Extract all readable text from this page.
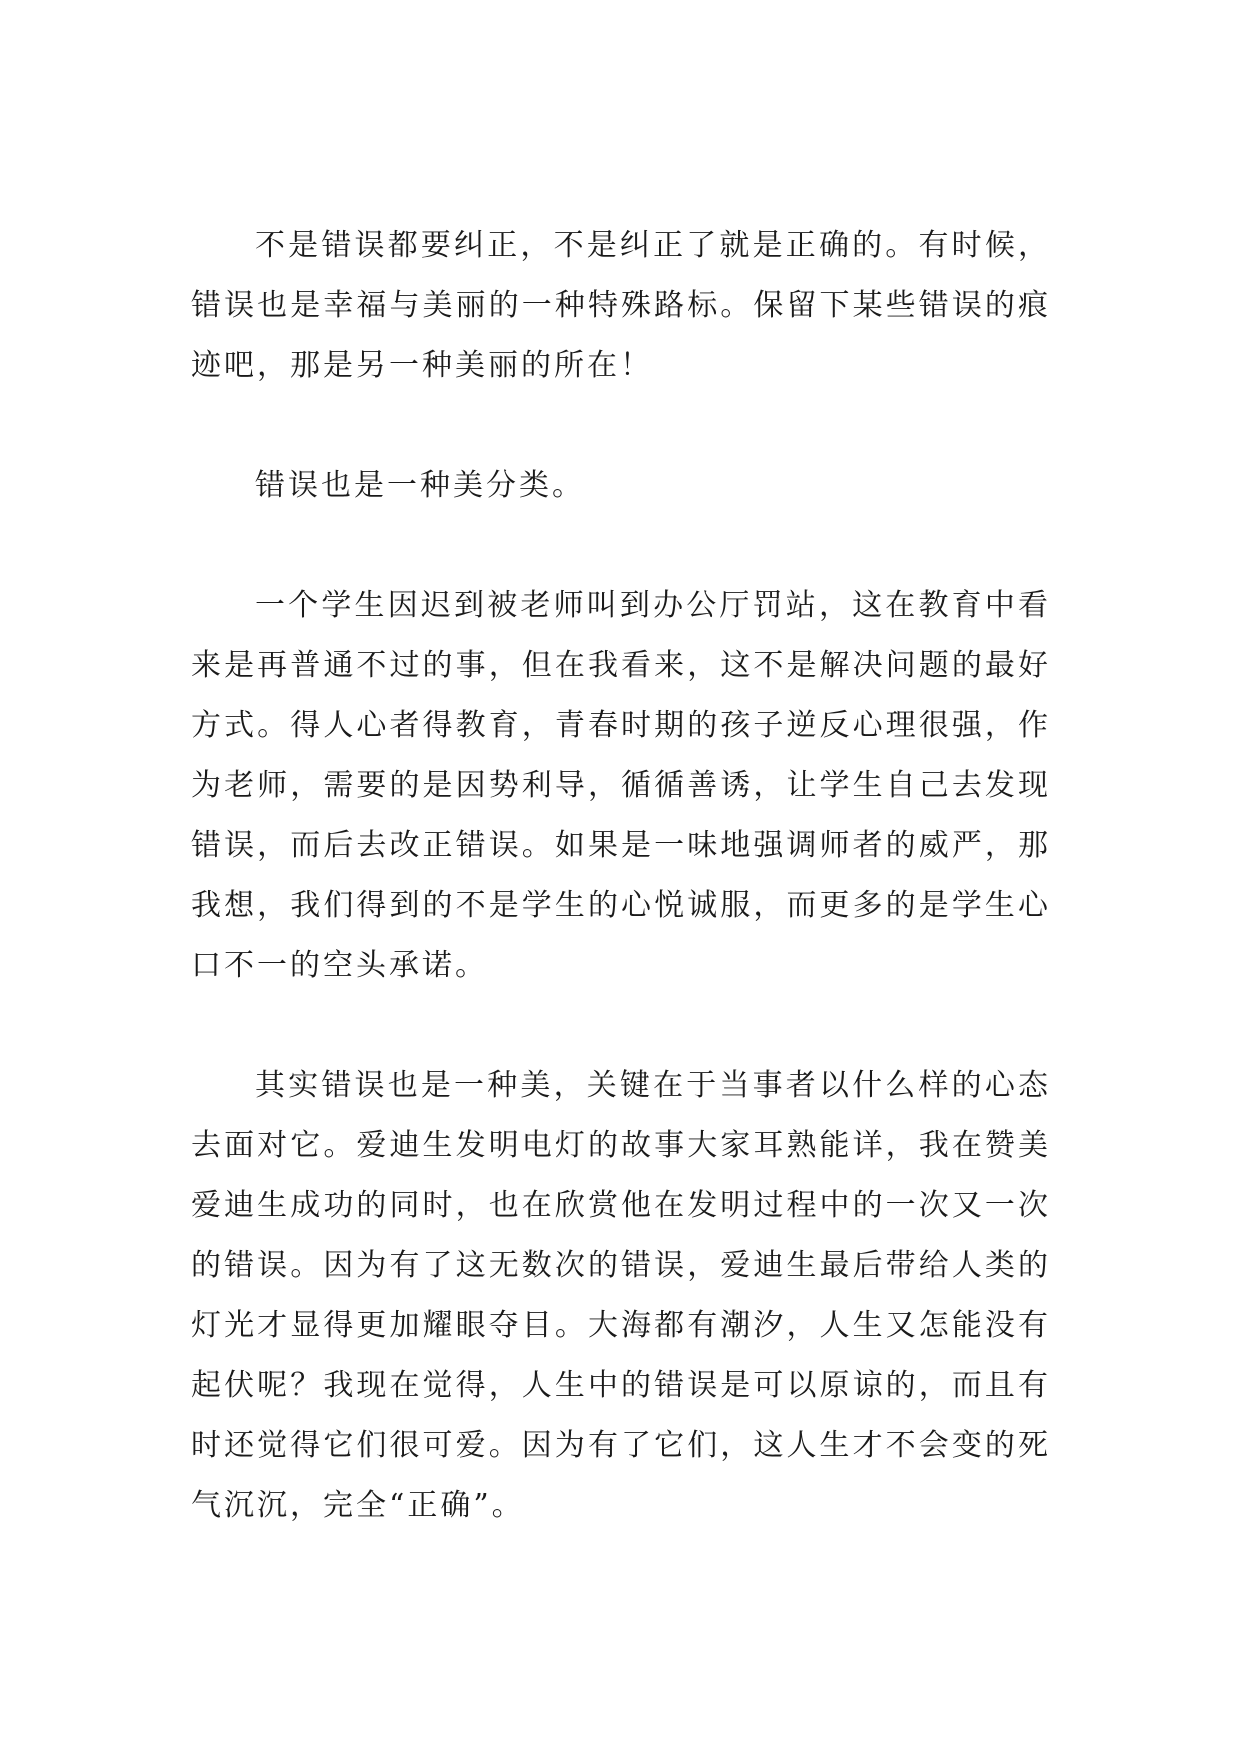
不是错误都要纠正，不是纠正了就是正确的。有时候，错误也是幸福与美丽的一种特殊路标。保留下某些错误的痕迹吧，那是另一种美丽的所在！

错误也是一种美分类。

一个学生因迟到被老师叫到办公厅罚站，这在教育中看来是再普通不过的事，但在我看来，这不是解决问题的最好方式。得人心者得教育，青春时期的孩子逆反心理很强，作为老师，需要的是因势利导，循循善诱，让学生自己去发现错误，而后去改正错误。如果是一味地强调师者的威严，那我想，我们得到的不是学生的心悦诚服，而更多的是学生心口不一的空头承诺。

其实错误也是一种美，关键在于当事者以什么样的心态去面对它。爱迪生发明电灯的故事大家耳熟能详，我在赞美爱迪生成功的同时，也在欣赏他在发明过程中的一次又一次的错误。因为有了这无数次的错误，爱迪生最后带给人类的灯光才显得更加耀眼夺目。大海都有潮汐，人生又怎能没有起伏呢？我现在觉得，人生中的错误是可以原谅的，而且有时还觉得它们很可爱。因为有了它们，这人生才不会变的死气沉沉，完全“正确”。
